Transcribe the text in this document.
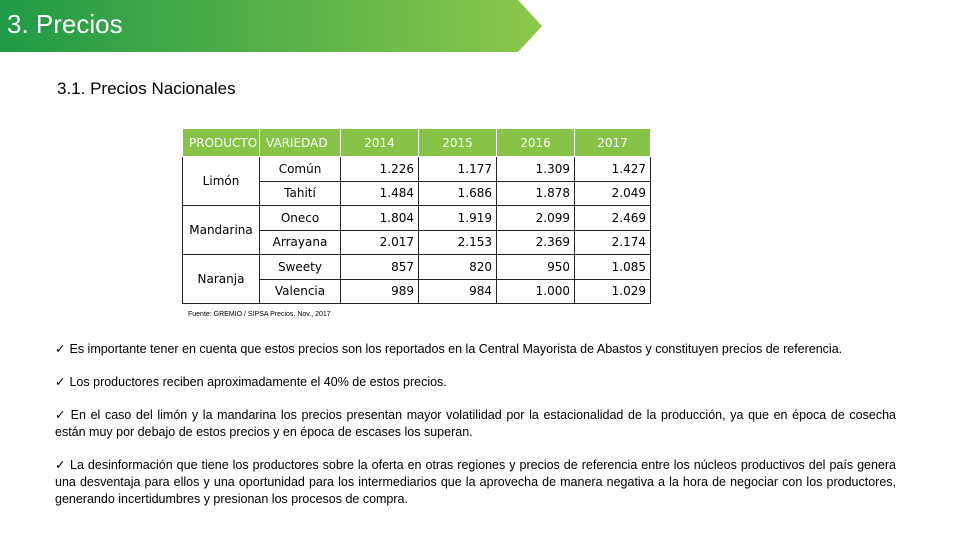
3. Precios
3.1. Precios Nacionales
PRODUCTO	VARIEDAD	2014	2015	2016	2017
Limón	Común	1.226	1.177	1.309	1.427
	Tahití	1.484	1.686	1.878	2.049
Mandarina	Oneco	1.804	1.919	2.099	2.469
	Arrayana	2.017	2.153	2.369	2.174
Naranja	Sweety	857	820	950	1.085
	Valencia	989	984	1.000	1.029
Fuente: GREMIO / SIPSA Precios. Nov., 2017

✓ Es importante tener en cuenta que estos precios son los reportados en la Central Mayorista de Abastos y constituyen precios de referencia.

✓ Los productores reciben aproximadamente el 40% de estos precios.

✓ En el caso del limón y la mandarina los precios presentan mayor volatilidad por la estacionalidad de la producción, ya que en época de cosecha están muy por debajo de estos precios y en época de escases los superan.

✓ La desinformación que tiene los productores sobre la oferta en otras regiones y precios de referencia entre los núcleos productivos del país genera una desventaja para ellos y una oportunidad para los intermediarios que la aprovecha de manera negativa a la hora de negociar con los productores, generando incertidumbres y presionan los procesos de compra.
